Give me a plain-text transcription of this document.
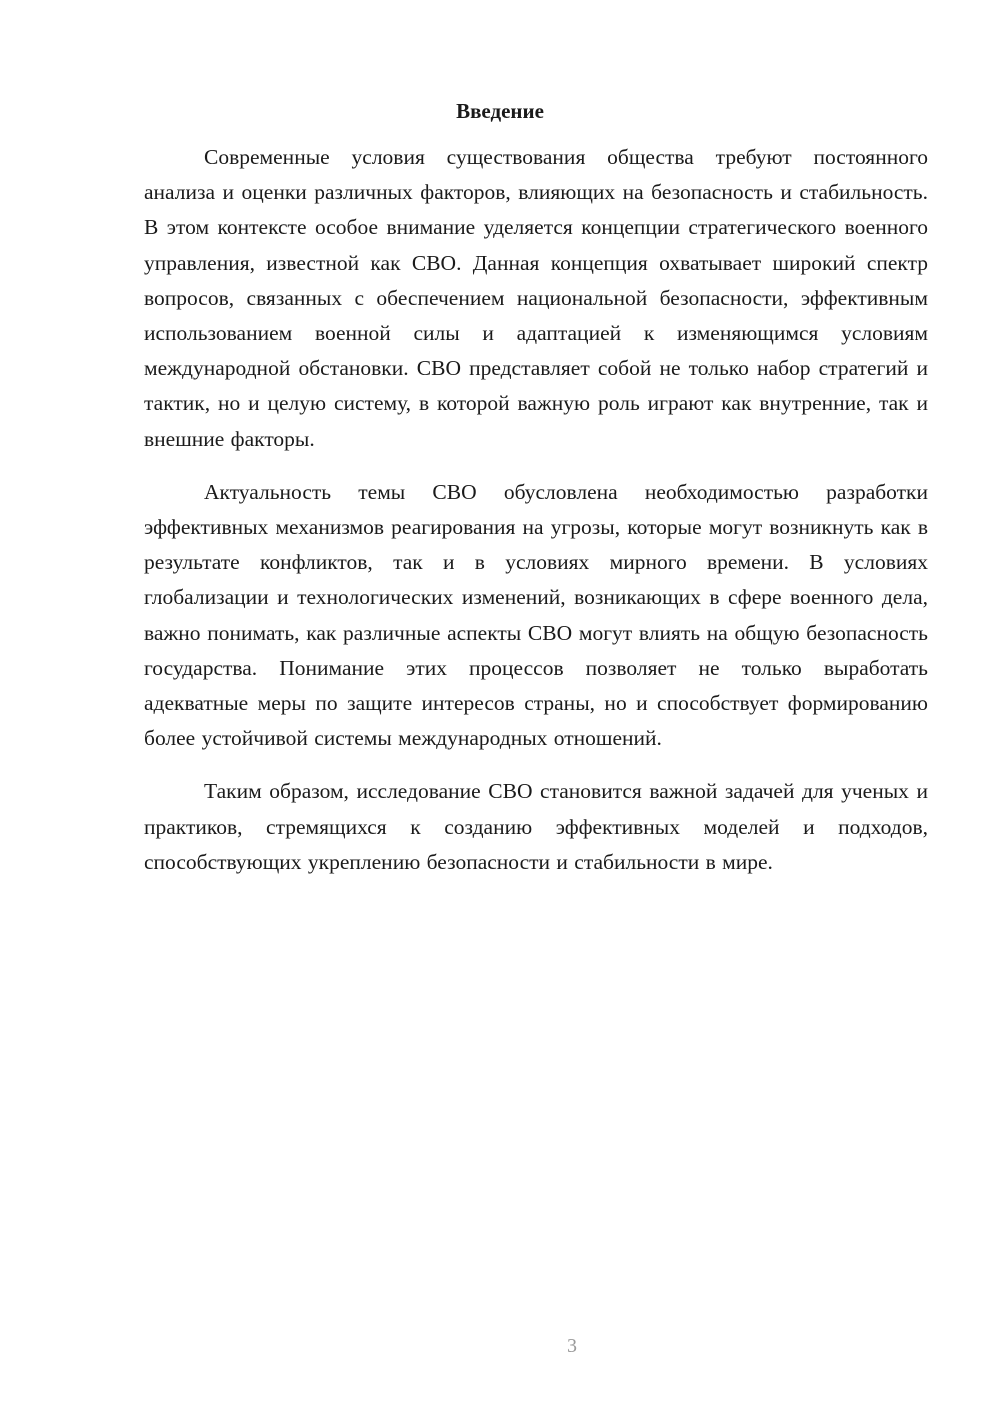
Введение

Современные условия существования общества требуют постоянного анализа и оценки различных факторов, влияющих на безопасность и стабильность. В этом контексте особое внимание уделяется концепции стратегического военного управления, известной как СВО. Данная концепция охватывает широкий спектр вопросов, связанных с обеспечением национальной безопасности, эффективным использованием военной силы и адаптацией к изменяющимся условиям международной обстановки. СВО представляет собой не только набор стратегий и тактик, но и целую систему, в которой важную роль играют как внутренние, так и внешние факторы.

Актуальность темы СВО обусловлена необходимостью разработки эффективных механизмов реагирования на угрозы, которые могут возникнуть как в результате конфликтов, так и в условиях мирного времени. В условиях глобализации и технологических изменений, возникающих в сфере военного дела, важно понимать, как различные аспекты СВО могут влиять на общую безопасность государства. Понимание этих процессов позволяет не только выработать адекватные меры по защите интересов страны, но и способствует формированию более устойчивой системы международных отношений.

Таким образом, исследование СВО становится важной задачей для ученых и практиков, стремящихся к созданию эффективных моделей и подходов, способствующих укреплению безопасности и стабильности в мире.

3
